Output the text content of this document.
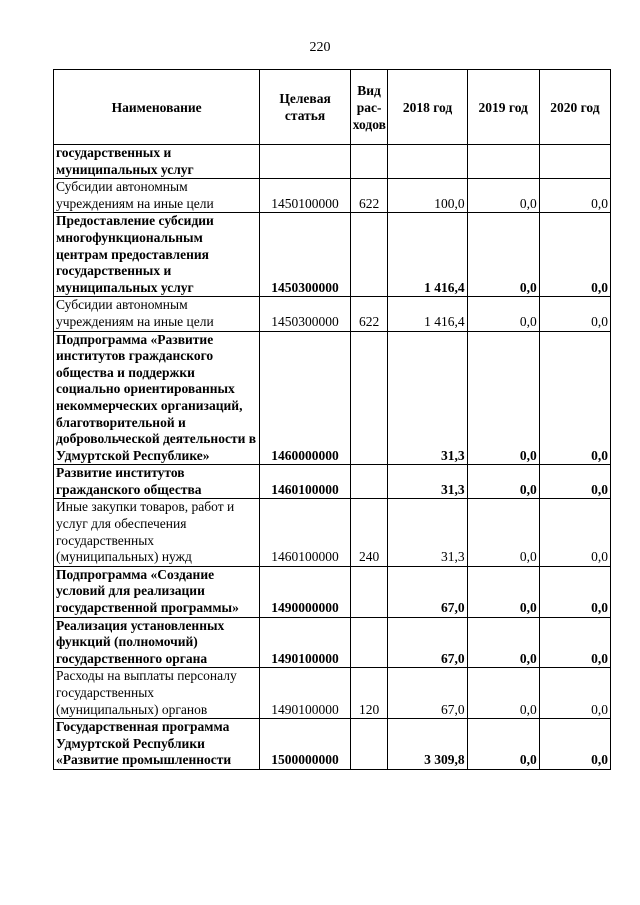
220
Наименование	Целевая статья	Вид рас-ходов	2018 год	2019 год	2020 год
государственных и муниципальных услуг					
Субсидии автономным учреждениям на иные цели	1450100000	622	100,0	0,0	0,0
Предоставление субсидии многофункциональным центрам предоставления государственных и муниципальных услуг	1450300000		1 416,4	0,0	0,0
Субсидии автономным учреждениям на иные цели	1450300000	622	1 416,4	0,0	0,0
Подпрограмма «Развитие институтов гражданского общества и поддержки социально ориентированных некоммерческих организаций, благотворительной и добровольческой деятельности в Удмуртской Республике»	1460000000		31,3	0,0	0,0
Развитие институтов гражданского общества	1460100000		31,3	0,0	0,0
Иные закупки товаров, работ и услуг для обеспечения государственных (муниципальных) нужд	1460100000	240	31,3	0,0	0,0
Подпрограмма «Создание условий для реализации государственной программы»	1490000000		67,0	0,0	0,0
Реализация установленных функций (полномочий) государственного органа	1490100000		67,0	0,0	0,0
Расходы на выплаты персоналу государственных (муниципальных) органов	1490100000	120	67,0	0,0	0,0
Государственная программа Удмуртской Республики «Развитие промышленности	1500000000		3 309,8	0,0	0,0
